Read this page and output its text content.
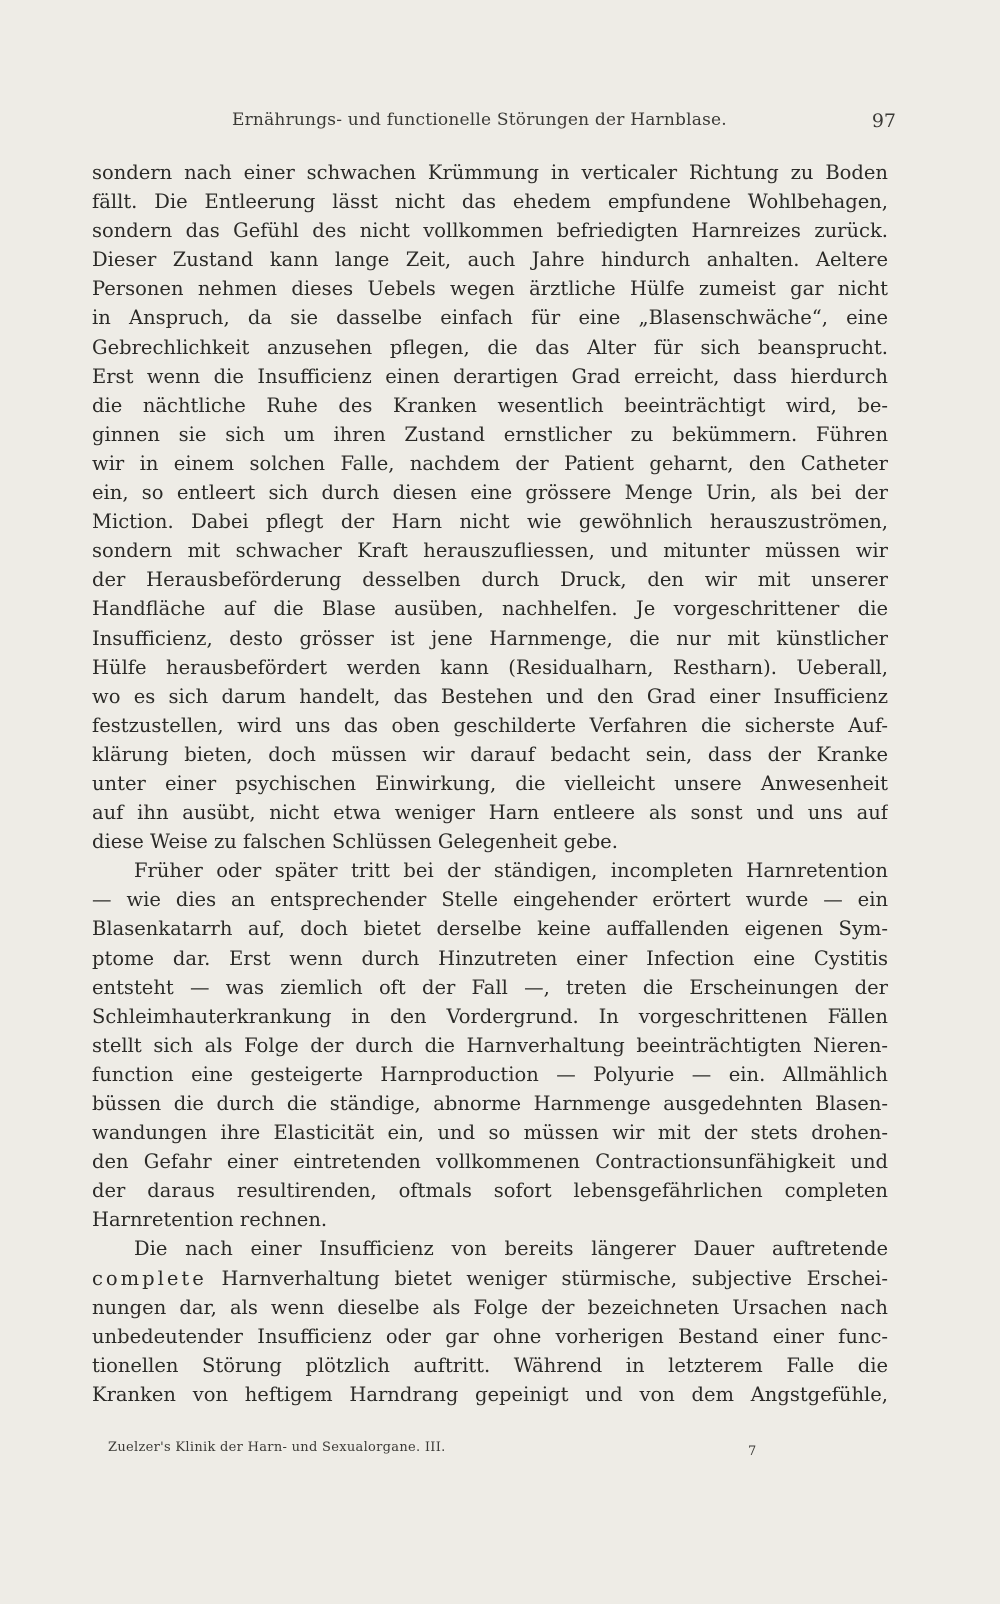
Ernährungs- und functionelle Störungen der Harnblase.	97
sondern nach einer schwachen Krümmung in verticaler Richtung zu Boden
fällt. Die Entleerung lässt nicht das ehedem empfundene Wohlbehagen,
sondern das Gefühl des nicht vollkommen befriedigten Harnreizes zurück.
Dieser Zustand kann lange Zeit, auch Jahre hindurch anhalten. Aeltere
Personen nehmen dieses Uebels wegen ärztliche Hülfe zumeist gar nicht
in Anspruch, da sie dasselbe einfach für eine „Blasenschwäche“, eine
Gebrechlichkeit anzusehen pflegen, die das Alter für sich beansprucht.
Erst wenn die Insufficienz einen derartigen Grad erreicht, dass hierdurch
die nächtliche Ruhe des Kranken wesentlich beeinträchtigt wird, be-
ginnen sie sich um ihren Zustand ernstlicher zu bekümmern. Führen
wir in einem solchen Falle, nachdem der Patient geharnt, den Catheter
ein, so entleert sich durch diesen eine grössere Menge Urin, als bei der
Miction. Dabei pflegt der Harn nicht wie gewöhnlich herauszuströmen,
sondern mit schwacher Kraft herauszufliessen, und mitunter müssen wir
der Herausbeförderung desselben durch Druck, den wir mit unserer
Handfläche auf die Blase ausüben, nachhelfen. Je vorgeschrittener die
Insufficienz, desto grösser ist jene Harnmenge, die nur mit künstlicher
Hülfe herausbefördert werden kann (Residualharn, Restharn). Ueberall,
wo es sich darum handelt, das Bestehen und den Grad einer Insufficienz
festzustellen, wird uns das oben geschilderte Verfahren die sicherste Auf-
klärung bieten, doch müssen wir darauf bedacht sein, dass der Kranke
unter einer psychischen Einwirkung, die vielleicht unsere Anwesenheit
auf ihn ausübt, nicht etwa weniger Harn entleere als sonst und uns auf
diese Weise zu falschen Schlüssen Gelegenheit gebe.
Früher oder später tritt bei der ständigen, incompleten Harnretention
— wie dies an entsprechender Stelle eingehender erörtert wurde — ein
Blasenkatarrh auf, doch bietet derselbe keine auffallenden eigenen Sym-
ptome dar. Erst wenn durch Hinzutreten einer Infection eine Cystitis
entsteht — was ziemlich oft der Fall —, treten die Erscheinungen der
Schleimhauterkrankung in den Vordergrund. In vorgeschrittenen Fällen
stellt sich als Folge der durch die Harnverhaltung beeinträchtigten Nieren-
function eine gesteigerte Harnproduction — Polyurie — ein. Allmählich
büssen die durch die ständige, abnorme Harnmenge ausgedehnten Blasen-
wandungen ihre Elasticität ein, und so müssen wir mit der stets drohen-
den Gefahr einer eintretenden vollkommenen Contractionsunfähigkeit und
der daraus resultirenden, oftmals sofort lebensgefährlichen completen
Harnretention rechnen.
Die nach einer Insufficienz von bereits längerer Dauer auftretende
complete Harnverhaltung bietet weniger stürmische, subjective Erschei-
nungen dar, als wenn dieselbe als Folge der bezeichneten Ursachen nach
unbedeutender Insufficienz oder gar ohne vorherigen Bestand einer func-
tionellen Störung plötzlich auftritt. Während in letzterem Falle die
Kranken von heftigem Harndrang gepeinigt und von dem Angstgefühle,
Zuelzer's Klinik der Harn- und Sexualorgane. III.	7
